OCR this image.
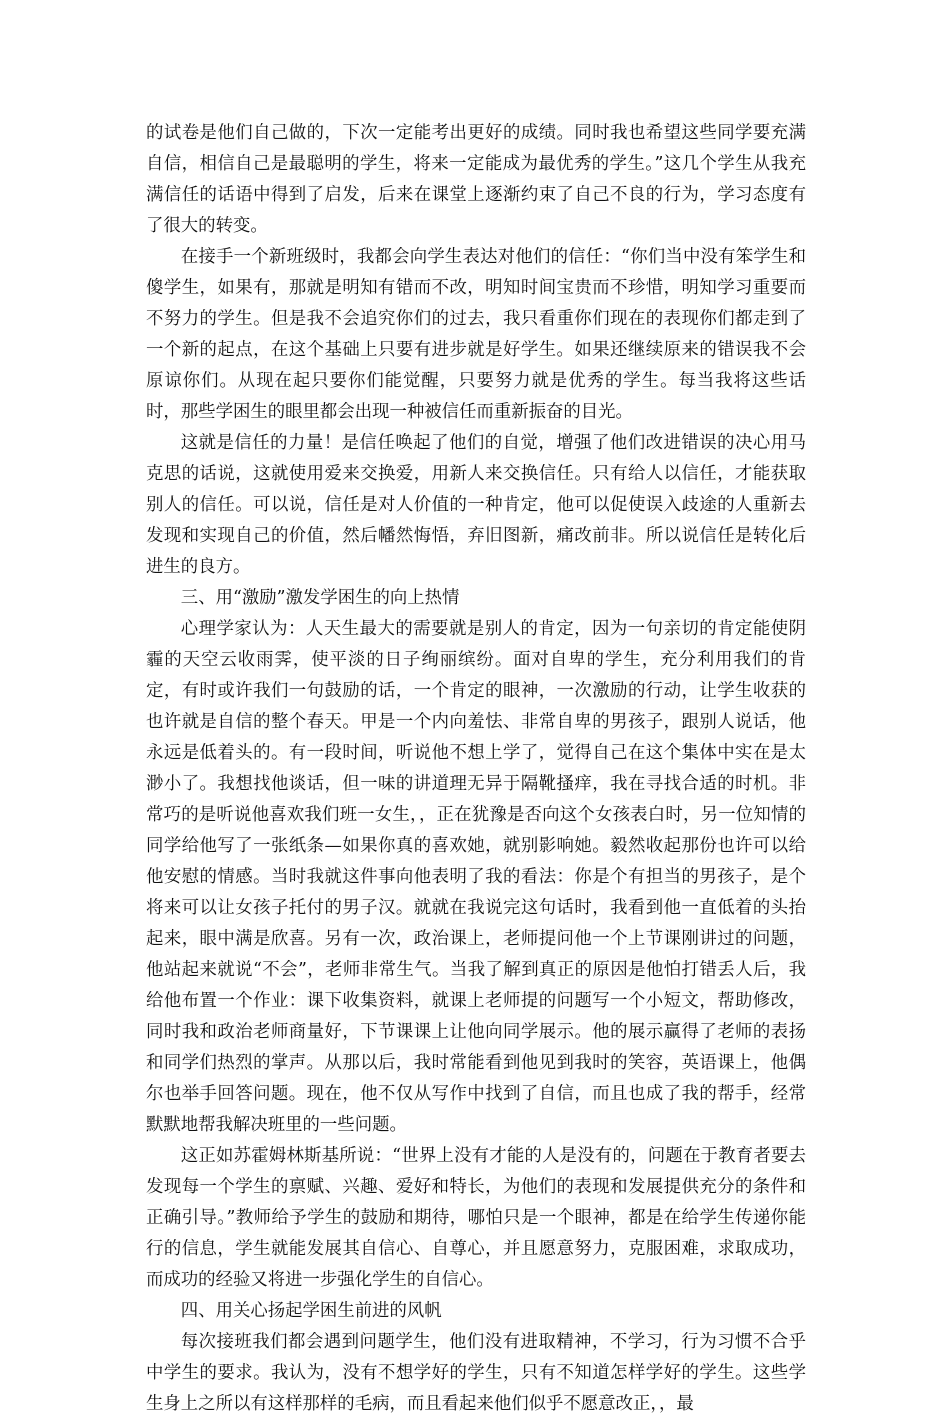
的试卷是他们自己做的，下次一定能考出更好的成绩。同时我也希望这些同学要充满自信，相信自己是最聪明的学生，将来一定能成为最优秀的学生。”这几个学生从我充满信任的话语中得到了启发，后来在课堂上逐渐约束了自己不良的行为，学习态度有了很大的转变。

在接手一个新班级时，我都会向学生表达对他们的信任：“你们当中没有笨学生和傻学生，如果有，那就是明知有错而不改，明知时间宝贵而不珍惜，明知学习重要而不努力的学生。但是我不会追究你们的过去，我只看重你们现在的表现你们都走到了一个新的起点，在这个基础上只要有进步就是好学生。如果还继续原来的错误我不会原谅你们。从现在起只要你们能觉醒，只要努力就是优秀的学生。每当我将这些话时，那些学困生的眼里都会出现一种被信任而重新振奋的目光。

这就是信任的力量！是信任唤起了他们的自觉，增强了他们改进错误的决心用马克思的话说，这就使用爱来交换爱，用新人来交换信任。只有给人以信任，才能获取别人的信任。可以说，信任是对人价值的一种肯定，他可以促使误入歧途的人重新去发现和实现自己的价值，然后幡然悔悟，弃旧图新，痛改前非。所以说信任是转化后进生的良方。

三、用“激励”激发学困生的向上热情

心理学家认为：人天生最大的需要就是别人的肯定，因为一句亲切的肯定能使阴霾的天空云收雨霁，使平淡的日子绚丽缤纷。面对自卑的学生，充分利用我们的肯定，有时或许我们一句鼓励的话，一个肯定的眼神，一次激励的行动，让学生收获的也许就是自信的整个春天。甲是一个内向羞怯、非常自卑的男孩子，跟别人说话，他永远是低着头的。有一段时间，听说他不想上学了，觉得自己在这个集体中实在是太渺小了。我想找他谈话，但一味的讲道理无异于隔靴搔痒，我在寻找合适的时机。非常巧的是听说他喜欢我们班一女生，，正在犹豫是否向这个女孩表白时，另一位知情的同学给他写了一张纸条—如果你真的喜欢她，就别影响她。毅然收起那份也许可以给他安慰的情感。当时我就这件事向他表明了我的看法：你是个有担当的男孩子，是个将来可以让女孩子托付的男子汉。就就在我说完这句话时，我看到他一直低着的头抬起来，眼中满是欣喜。另有一次，政治课上，老师提问他一个上节课刚讲过的问题，他站起来就说“不会”，老师非常生气。当我了解到真正的原因是他怕打错丢人后，我给他布置一个作业：课下收集资料，就课上老师提的问题写一个小短文，帮助修改，同时我和政治老师商量好，下节课课上让他向同学展示。他的展示赢得了老师的表扬和同学们热烈的掌声。从那以后，我时常能看到他见到我时的笑容，英语课上，他偶尔也举手回答问题。现在，他不仅从写作中找到了自信，而且也成了我的帮手，经常默默地帮我解决班里的一些问题。

这正如苏霍姆林斯基所说：“世界上没有才能的人是没有的，问题在于教育者要去发现每一个学生的禀赋、兴趣、爱好和特长，为他们的表现和发展提供充分的条件和正确引导。”教师给予学生的鼓励和期待，哪怕只是一个眼神，都是在给学生传递你能行的信息，学生就能发展其自信心、自尊心，并且愿意努力，克服困难，求取成功，而成功的经验又将进一步强化学生的自信心。

四、用关心扬起学困生前进的风帆

每次接班我们都会遇到问题学生，他们没有进取精神，不学习，行为习惯不合乎中学生的要求。我认为，没有不想学好的学生，只有不知道怎样学好的学生。这些学生身上之所以有这样那样的毛病，而且看起来他们似乎不愿意改正，，最
